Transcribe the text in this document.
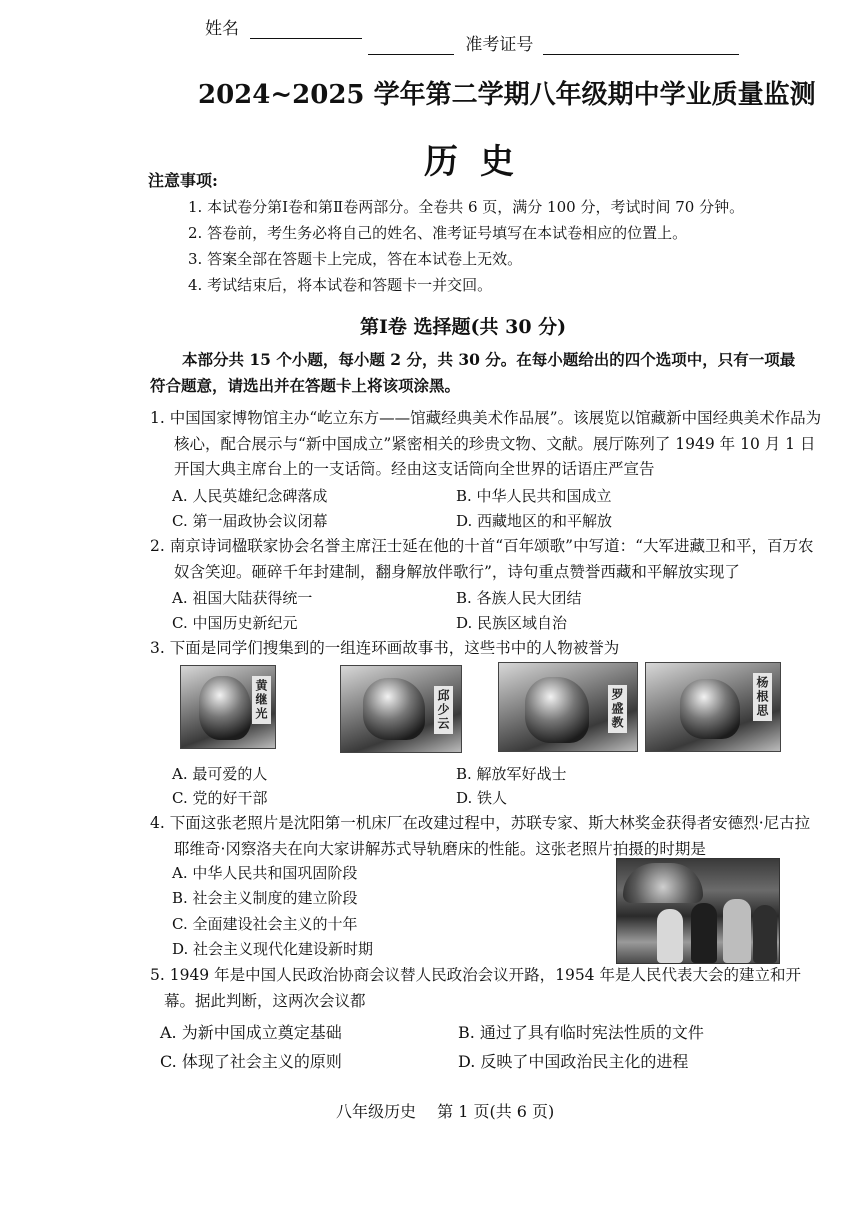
姓名
准考证号
2024~2025 学年第二学期八年级期中学业质量监测
历史
注意事项:
1. 本试卷分第Ⅰ卷和第Ⅱ卷两部分。全卷共 6 页，满分 100 分，考试时间 70 分钟。
2. 答卷前，考生务必将自己的姓名、准考证号填写在本试卷相应的位置上。
3. 答案全部在答题卡上完成，答在本试卷上无效。
4. 考试结束后，将本试卷和答题卡一并交回。
第Ⅰ卷 选择题(共 30 分)
本部分共 15 个小题，每小题 2 分，共 30 分。在每小题给出的四个选项中，只有一项最符合题意，请选出并在答题卡上将该项涂黑。
1. 中国国家博物馆主办“屹立东方——馆藏经典美术作品展”。该展览以馆藏新中国经典美术作品为核心，配合展示与“新中国成立”紧密相关的珍贵文物、文献。展厅陈列了 1949 年 10 月 1 日开国大典主席台上的一支话筒。经由这支话筒向全世界的话语庄严宣告
A. 人民英雄纪念碑落成	B. 中华人民共和国成立
C. 第一届政协会议闭幕	D. 西藏地区的和平解放
2. 南京诗词楹联家协会名誉主席汪士延在他的十首“百年颂歌”中写道：“大军进藏卫和平，百万农奴含笑迎。砸碎千年封建制，翻身解放伴歌行”，诗句重点赞誉西藏和平解放实现了
A. 祖国大陆获得统一	B. 各族人民大团结
C. 中国历史新纪元	D. 民族区域自治
3. 下面是同学们搜集到的一组连环画故事书，这些书中的人物被誉为
黄继光	邱少云	罗盛教	杨根思
A. 最可爱的人	B. 解放军好战士
C. 党的好干部	D. 铁人
4. 下面这张老照片是沈阳第一机床厂在改建过程中，苏联专家、斯大林奖金获得者安德烈·尼古拉耶维奇·冈察洛夫在向大家讲解苏式导轨磨床的性能。这张老照片拍摄的时期是
A. 中华人民共和国巩固阶段
B. 社会主义制度的建立阶段
C. 全面建设社会主义的十年
D. 社会主义现代化建设新时期
5. 1949 年是中国人民政治协商会议替人民政治会议开路，1954 年是人民代表大会的建立和开幕。据此判断，这两次会议都
A. 为新中国成立奠定基础	B. 通过了具有临时宪法性质的文件
C. 体现了社会主义的原则	D. 反映了中国政治民主化的进程
八年级历史 第 1 页(共 6 页)
